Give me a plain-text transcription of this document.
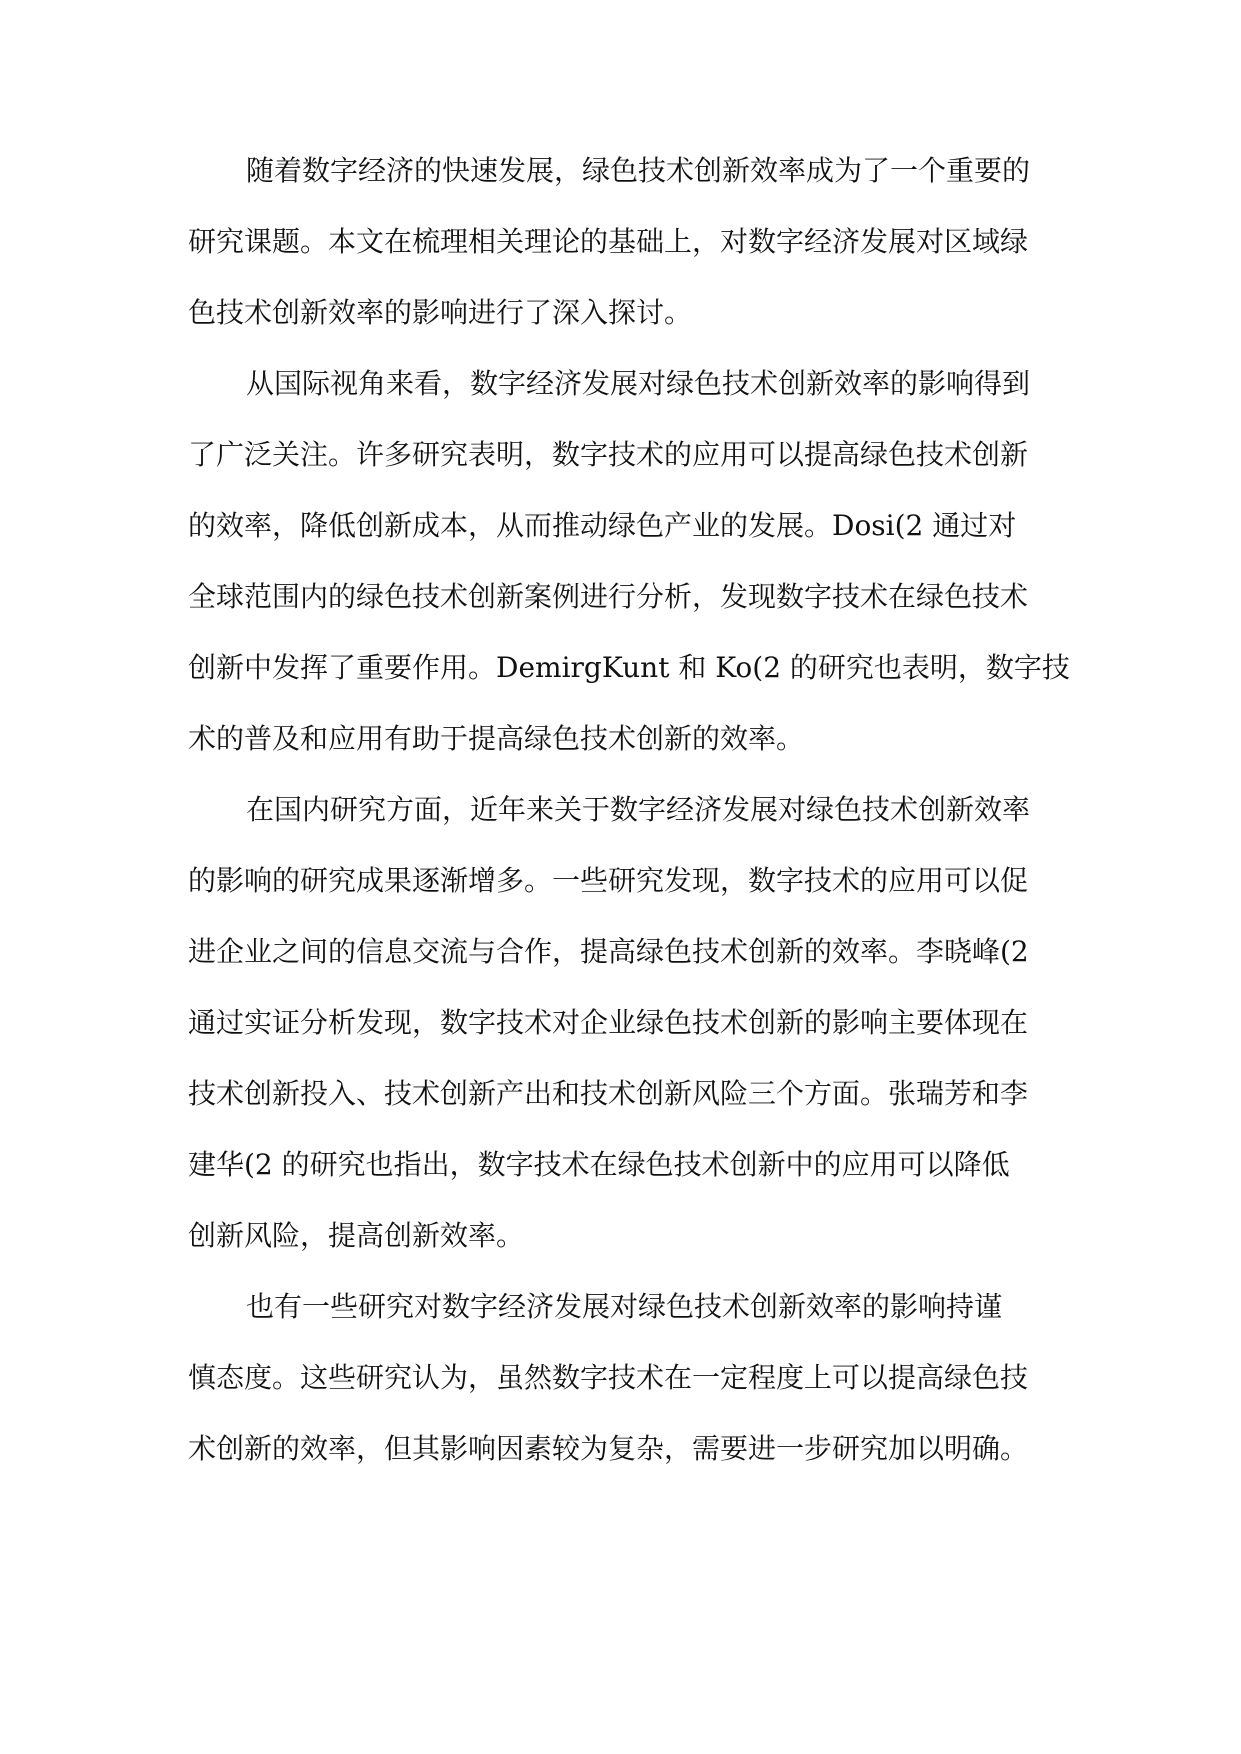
随着数字经济的快速发展，绿色技术创新效率成为了一个重要的
研究课题。本文在梳理相关理论的基础上，对数字经济发展对区域绿
色技术创新效率的影响进行了深入探讨。
从国际视角来看，数字经济发展对绿色技术创新效率的影响得到
了广泛关注。许多研究表明，数字技术的应用可以提高绿色技术创新
的效率，降低创新成本，从而推动绿色产业的发展。Dosi(2 通过对
全球范围内的绿色技术创新案例进行分析，发现数字技术在绿色技术
创新中发挥了重要作用。DemirgKunt 和 Ko(2 的研究也表明，数字技
术的普及和应用有助于提高绿色技术创新的效率。
在国内研究方面，近年来关于数字经济发展对绿色技术创新效率
的影响的研究成果逐渐增多。一些研究发现，数字技术的应用可以促
进企业之间的信息交流与合作，提高绿色技术创新的效率。李晓峰(2
通过实证分析发现，数字技术对企业绿色技术创新的影响主要体现在
技术创新投入、技术创新产出和技术创新风险三个方面。张瑞芳和李
建华(2 的研究也指出，数字技术在绿色技术创新中的应用可以降低
创新风险，提高创新效率。
也有一些研究对数字经济发展对绿色技术创新效率的影响持谨
慎态度。这些研究认为，虽然数字技术在一定程度上可以提高绿色技
术创新的效率，但其影响因素较为复杂，需要进一步研究加以明确。
